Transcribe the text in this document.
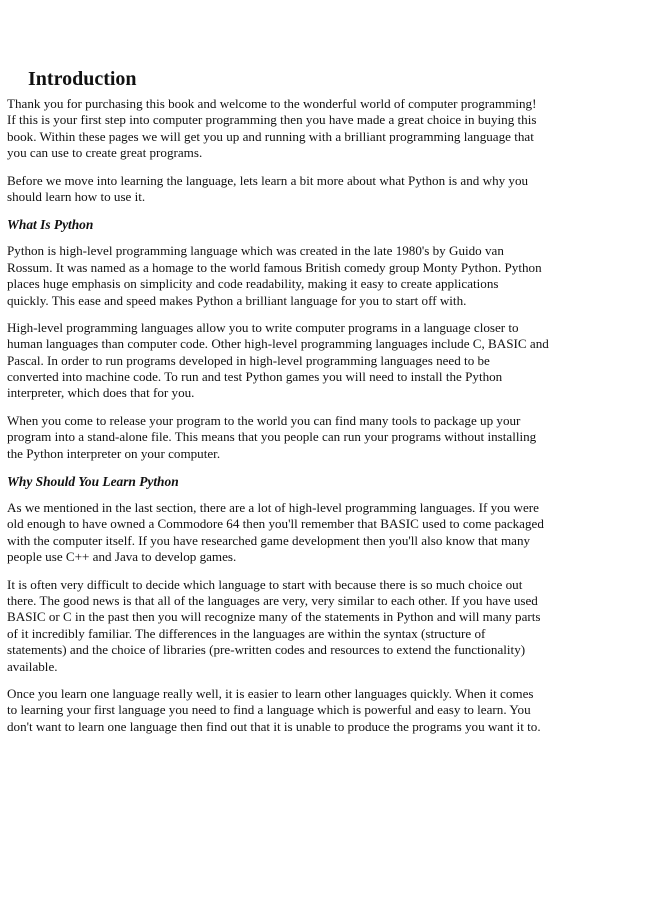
Introduction
Thank you for purchasing this book and welcome to the wonderful world of computer programming!
If this is your first step into computer programming then you have made a great choice in buying this
book. Within these pages we will get you up and running with a brilliant programming language that
you can use to create great programs.
Before we move into learning the language, lets learn a bit more about what Python is and why you
should learn how to use it.
What Is Python
Python is high-level programming language which was created in the late 1980's by Guido van
Rossum. It was named as a homage to the world famous British comedy group Monty Python. Python
places huge emphasis on simplicity and code readability, making it easy to create applications
quickly. This ease and speed makes Python a brilliant language for you to start off with.
High-level programming languages allow you to write computer programs in a language closer to
human languages than computer code. Other high-level programming languages include C, BASIC and
Pascal. In order to run programs developed in high-level programming languages need to be
converted into machine code. To run and test Python games you will need to install the Python
interpreter, which does that for you.
When you come to release your program to the world you can find many tools to package up your
program into a stand-alone file. This means that you people can run your programs without installing
the Python interpreter on your computer.
Why Should You Learn Python
As we mentioned in the last section, there are a lot of high-level programming languages. If you were
old enough to have owned a Commodore 64 then you'll remember that BASIC used to come packaged
with the computer itself. If you have researched game development then you'll also know that many
people use C++ and Java to develop games.
It is often very difficult to decide which language to start with because there is so much choice out
there. The good news is that all of the languages are very, very similar to each other. If you have used
BASIC or C in the past then you will recognize many of the statements in Python and will many parts
of it incredibly familiar. The differences in the languages are within the syntax (structure of
statements) and the choice of libraries (pre-written codes and resources to extend the functionality)
available.
Once you learn one language really well, it is easier to learn other languages quickly. When it comes
to learning your first language you need to find a language which is powerful and easy to learn. You
don't want to learn one language then find out that it is unable to produce the programs you want it to.
